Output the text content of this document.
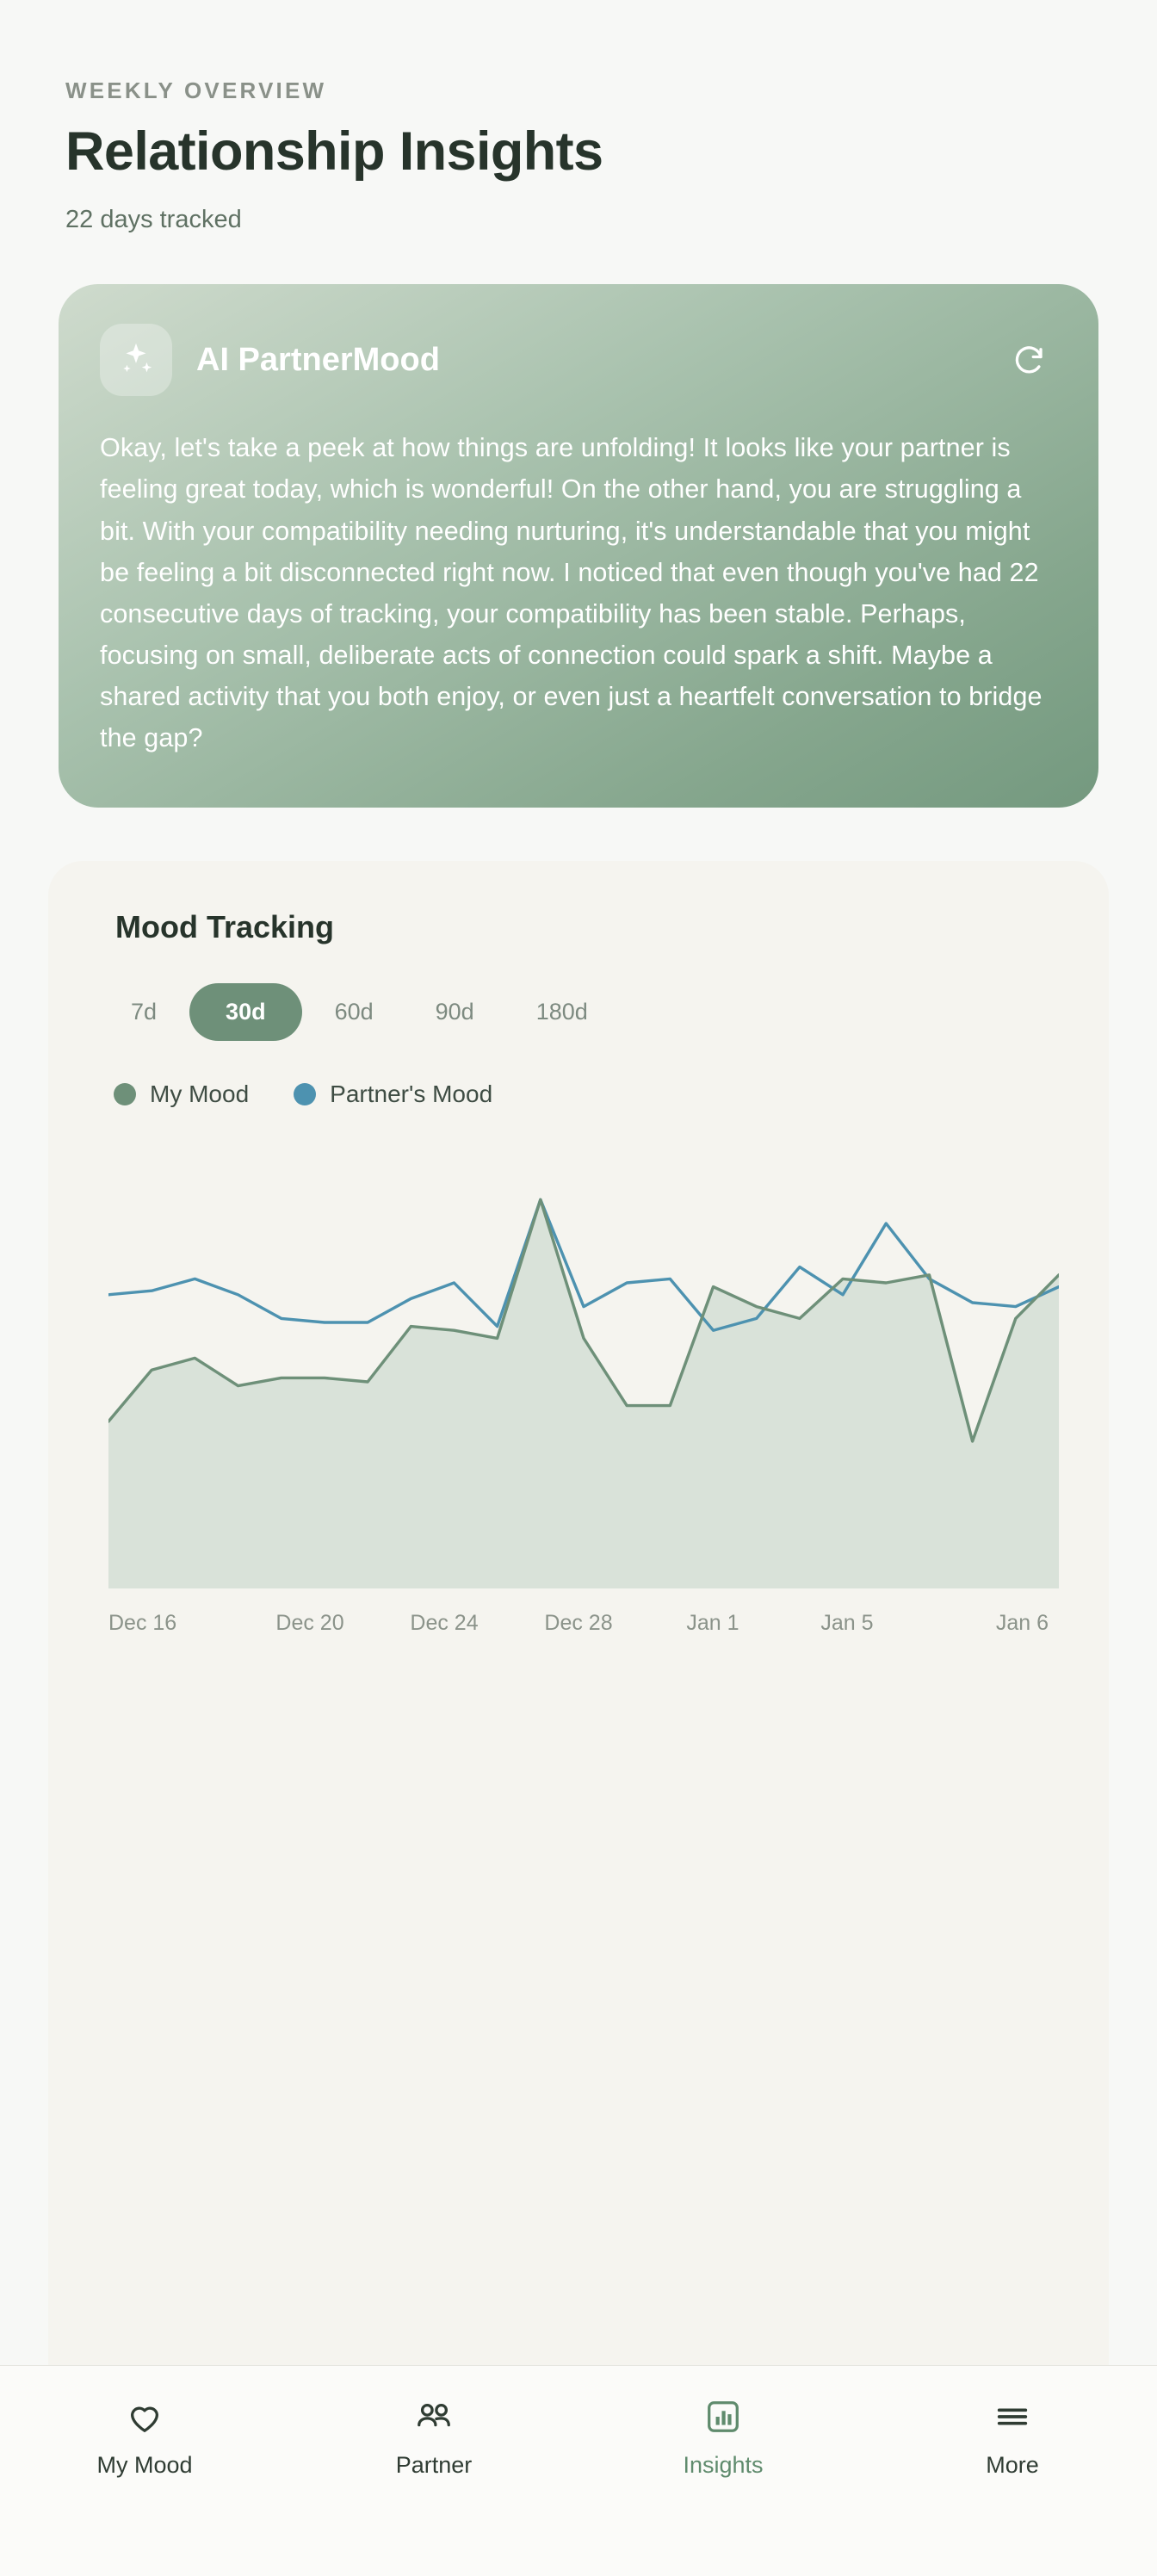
WEEKLY OVERVIEW
Relationship Insights
22 days tracked
AI PartnerMood
Okay, let's take a peek at how things are unfolding! It looks like your partner is feeling great today, which is wonderful! On the other hand, you are struggling a bit. With your compatibility needing nurturing, it's understandable that you might be feeling a bit disconnected right now. I noticed that even though you've had 22 consecutive days of tracking, your compatibility has been stable. Perhaps, focusing on small, deliberate acts of connection could spark a shift. Maybe a shared activity that you both enjoy, or even just a heartfelt conversation to bridge the gap?
Mood Tracking
7d	30d	60d	90d	180d
My Mood	Partner's Mood
Dec 16	Dec 20	Dec 24	Dec 28	Jan 1	Jan 5	Jan 6
My Mood	Partner	Insights	More
